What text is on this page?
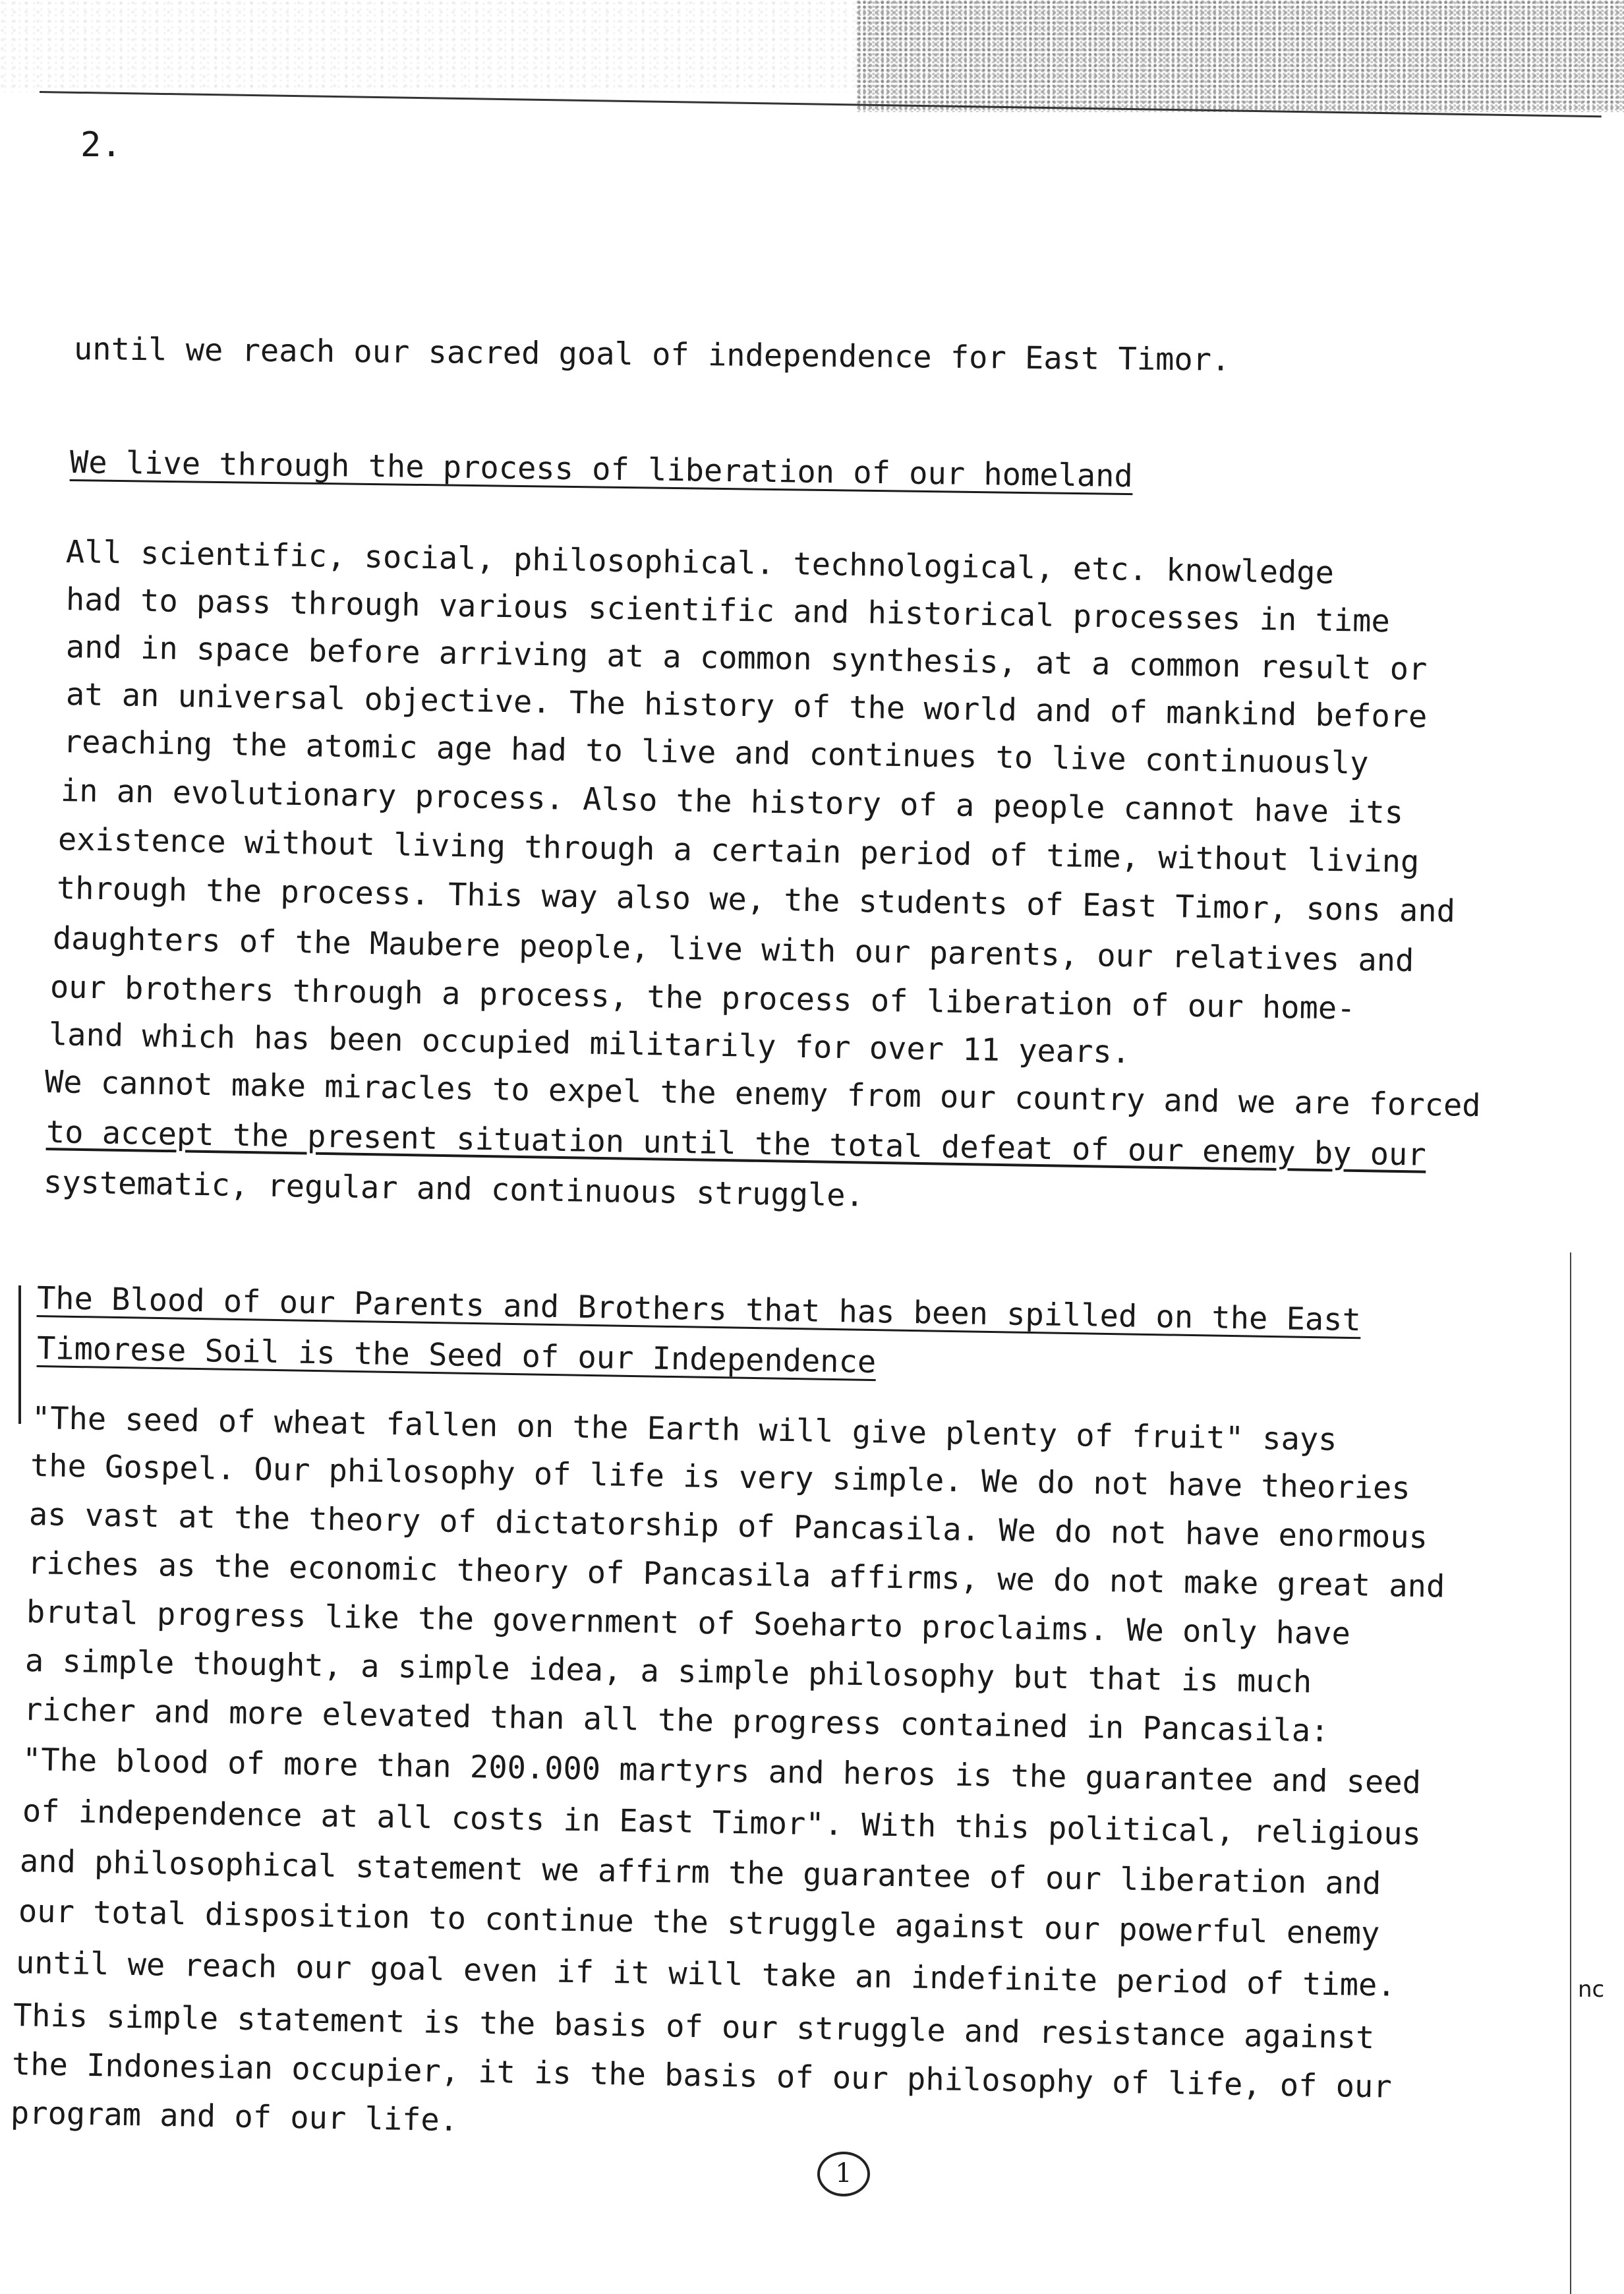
2.
until we reach our sacred goal of independence for East Timor.
We live through the process of liberation of our homeland
All scientific, social, philosophical. technological, etc. knowledge
had to pass through various scientific and historical processes in time
and in space before arriving at a common synthesis, at a common result or
at an universal objective. The history of the world and of mankind before
reaching the atomic age had to live and continues to live continuously
in an evolutionary process. Also the history of a people cannot have its
existence without living through a certain period of time, without living
through the process. This way also we, the students of East Timor, sons and
daughters of the Maubere people, live with our parents, our relatives and
our brothers through a process, the process of liberation of our home-
land which has been occupied militarily for over 11 years.
We cannot make miracles to expel the enemy from our country and we are forced
to accept the present situation until the total defeat of our enemy by our
systematic, regular and continuous struggle.
The Blood of our Parents and Brothers that has been spilled on the East
Timorese Soil is the Seed of our Independence
"The seed of wheat fallen on the Earth will give plenty of fruit" says
the Gospel. Our philosophy of life is very simple. We do not have theories
as vast at the theory of dictatorship of Pancasila. We do not have enormous
riches as the economic theory of Pancasila affirms, we do not make great and
brutal progress like the government of Soeharto proclaims. We only have
a simple thought, a simple idea, a simple philosophy but that is much
richer and more elevated than all the progress contained in Pancasila:
"The blood of more than 200.000 martyrs and heros is the guarantee and seed
of independence at all costs in East Timor". With this political, religious
and philosophical statement we affirm the guarantee of our liberation and
our total disposition to continue the struggle against our powerful enemy
until we reach our goal even if it will take an indefinite period of time.
This simple statement is the basis of our struggle and resistance against
the Indonesian occupier, it is the basis of our philosophy of life, of our
program and of our life.
nc
1
